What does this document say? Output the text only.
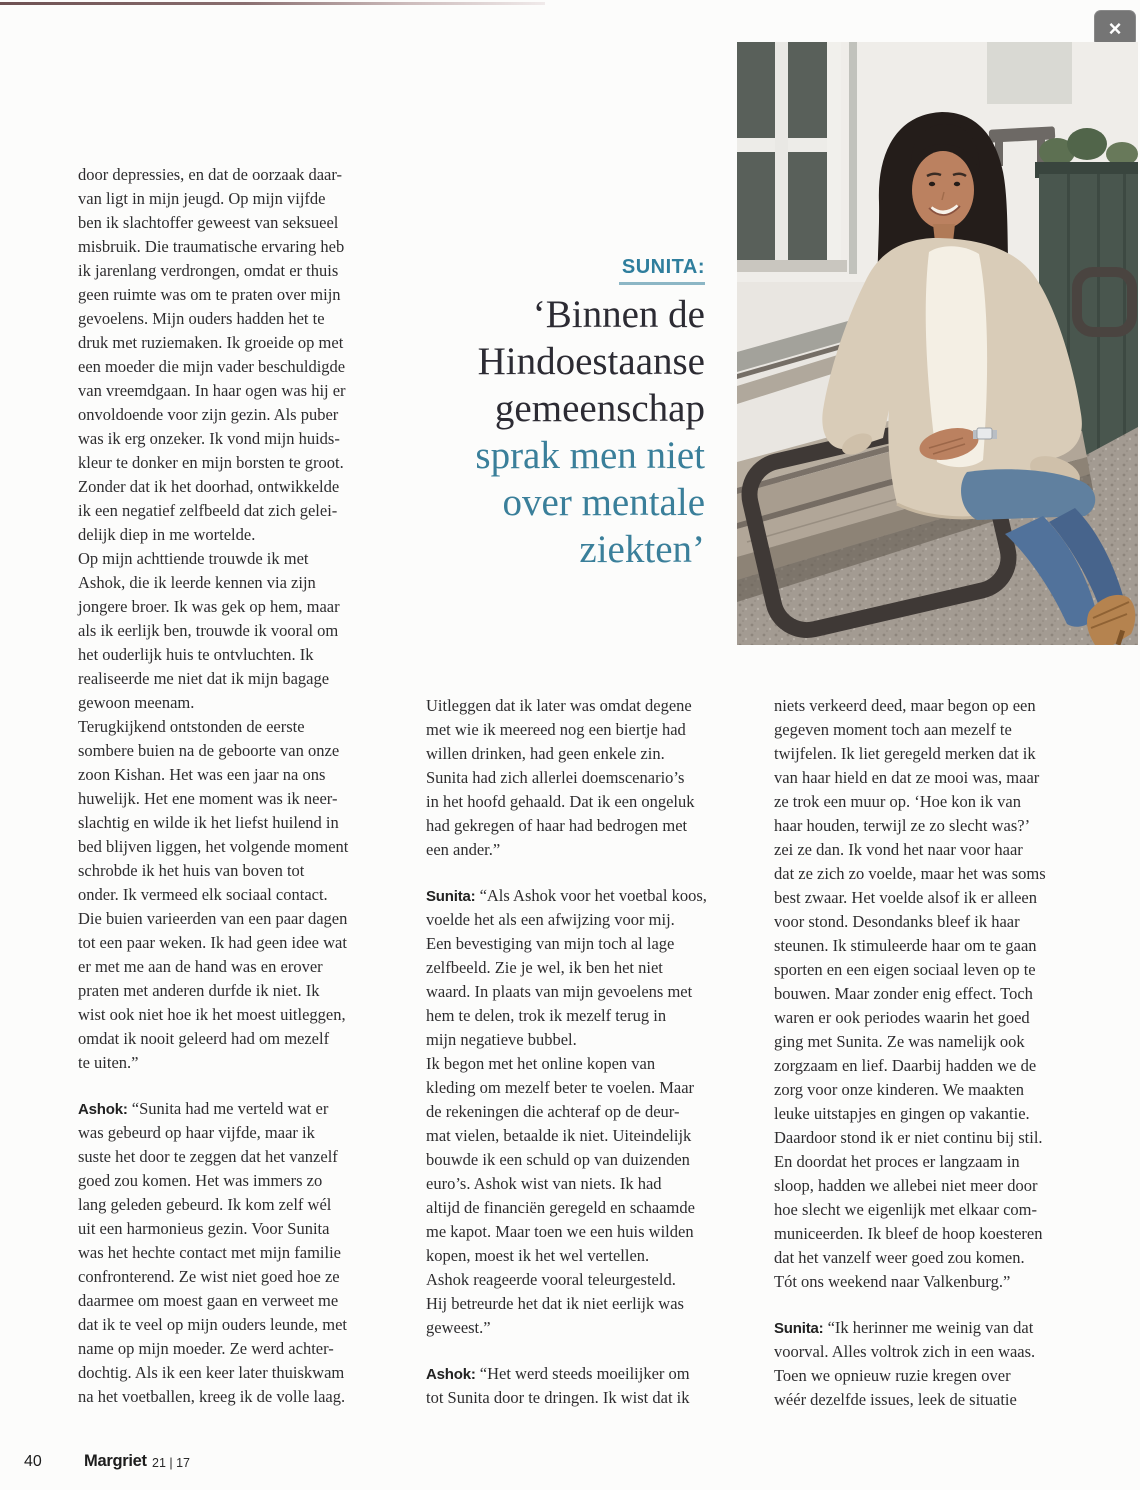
×
SUNITA:
‘Binnen de
Hindoestaanse
gemeenschap
sprak men niet
over mentale
ziekten’
door depressies, en dat de oorzaak daar-
van ligt in mijn jeugd. Op mijn vijfde
ben ik slachtoffer geweest van seksueel
misbruik. Die traumatische ervaring heb
ik jarenlang verdrongen, omdat er thuis
geen ruimte was om te praten over mijn
gevoelens. Mijn ouders hadden het te
druk met ruziemaken. Ik groeide op met
een moeder die mijn vader beschuldigde
van vreemdgaan. In haar ogen was hij er
onvoldoende voor zijn gezin. Als puber
was ik erg onzeker. Ik vond mijn huids-
kleur te donker en mijn borsten te groot.
Zonder dat ik het doorhad, ontwikkelde
ik een negatief zelfbeeld dat zich gelei-
delijk diep in me wortelde.
Op mijn achttiende trouwde ik met
Ashok, die ik leerde kennen via zijn
jongere broer. Ik was gek op hem, maar
als ik eerlijk ben, trouwde ik vooral om
het ouderlijk huis te ontvluchten. Ik
realiseerde me niet dat ik mijn bagage
gewoon meenam.
Terugkijkend ontstonden de eerste
sombere buien na de geboorte van onze
zoon Kishan. Het was een jaar na ons
huwelijk. Het ene moment was ik neer-
slachtig en wilde ik het liefst huilend in
bed blijven liggen, het volgende moment
schrobde ik het huis van boven tot
onder. Ik vermeed elk sociaal contact.
Die buien varieerden van een paar dagen
tot een paar weken. Ik had geen idee wat
er met me aan de hand was en erover
praten met anderen durfde ik niet. Ik
wist ook niet hoe ik het moest uitleggen,
omdat ik nooit geleerd had om mezelf
te uiten.”
Ashok: “Sunita had me verteld wat er
was gebeurd op haar vijfde, maar ik
suste het door te zeggen dat het vanzelf
goed zou komen. Het was immers zo
lang geleden gebeurd. Ik kom zelf wél
uit een harmonieus gezin. Voor Sunita
was het hechte contact met mijn familie
confronterend. Ze wist niet goed hoe ze
daarmee om moest gaan en verweet me
dat ik te veel op mijn ouders leunde, met
name op mijn moeder. Ze werd achter-
dochtig. Als ik een keer later thuiskwam
na het voetballen, kreeg ik de volle laag.
Uitleggen dat ik later was omdat degene
met wie ik meereed nog een biertje had
willen drinken, had geen enkele zin.
Sunita had zich allerlei doemscenario’s
in het hoofd gehaald. Dat ik een ongeluk
had gekregen of haar had bedrogen met
een ander.”
Sunita: “Als Ashok voor het voetbal koos,
voelde het als een afwijzing voor mij.
Een bevestiging van mijn toch al lage
zelfbeeld. Zie je wel, ik ben het niet
waard. In plaats van mijn gevoelens met
hem te delen, trok ik mezelf terug in
mijn negatieve bubbel.
Ik begon met het online kopen van
kleding om mezelf beter te voelen. Maar
de rekeningen die achteraf op de deur-
mat vielen, betaalde ik niet. Uiteindelijk
bouwde ik een schuld op van duizenden
euro’s. Ashok wist van niets. Ik had
altijd de financiën geregeld en schaamde
me kapot. Maar toen we een huis wilden
kopen, moest ik het wel vertellen.
Ashok reageerde vooral teleurgesteld.
Hij betreurde het dat ik niet eerlijk was
geweest.”
Ashok: “Het werd steeds moeilijker om
tot Sunita door te dringen. Ik wist dat ik
niets verkeerd deed, maar begon op een
gegeven moment toch aan mezelf te
twijfelen. Ik liet geregeld merken dat ik
van haar hield en dat ze mooi was, maar
ze trok een muur op. ‘Hoe kon ik van
haar houden, terwijl ze zo slecht was?’
zei ze dan. Ik vond het naar voor haar
dat ze zich zo voelde, maar het was soms
best zwaar. Het voelde alsof ik er alleen
voor stond. Desondanks bleef ik haar
steunen. Ik stimuleerde haar om te gaan
sporten en een eigen sociaal leven op te
bouwen. Maar zonder enig effect. Toch
waren er ook periodes waarin het goed
ging met Sunita. Ze was namelijk ook
zorgzaam en lief. Daarbij hadden we de
zorg voor onze kinderen. We maakten
leuke uitstapjes en gingen op vakantie.
Daardoor stond ik er niet continu bij stil.
En doordat het proces er langzaam in
sloop, hadden we allebei niet meer door
hoe slecht we eigenlijk met elkaar com-
municeerden. Ik bleef de hoop koesteren
dat het vanzelf weer goed zou komen.
Tót ons weekend naar Valkenburg.”
Sunita: “Ik herinner me weinig van dat
voorval. Alles voltrok zich in een waas.
Toen we opnieuw ruzie kregen over
wéér dezelfde issues, leek de situatie
40	Margriet 21 | 17
